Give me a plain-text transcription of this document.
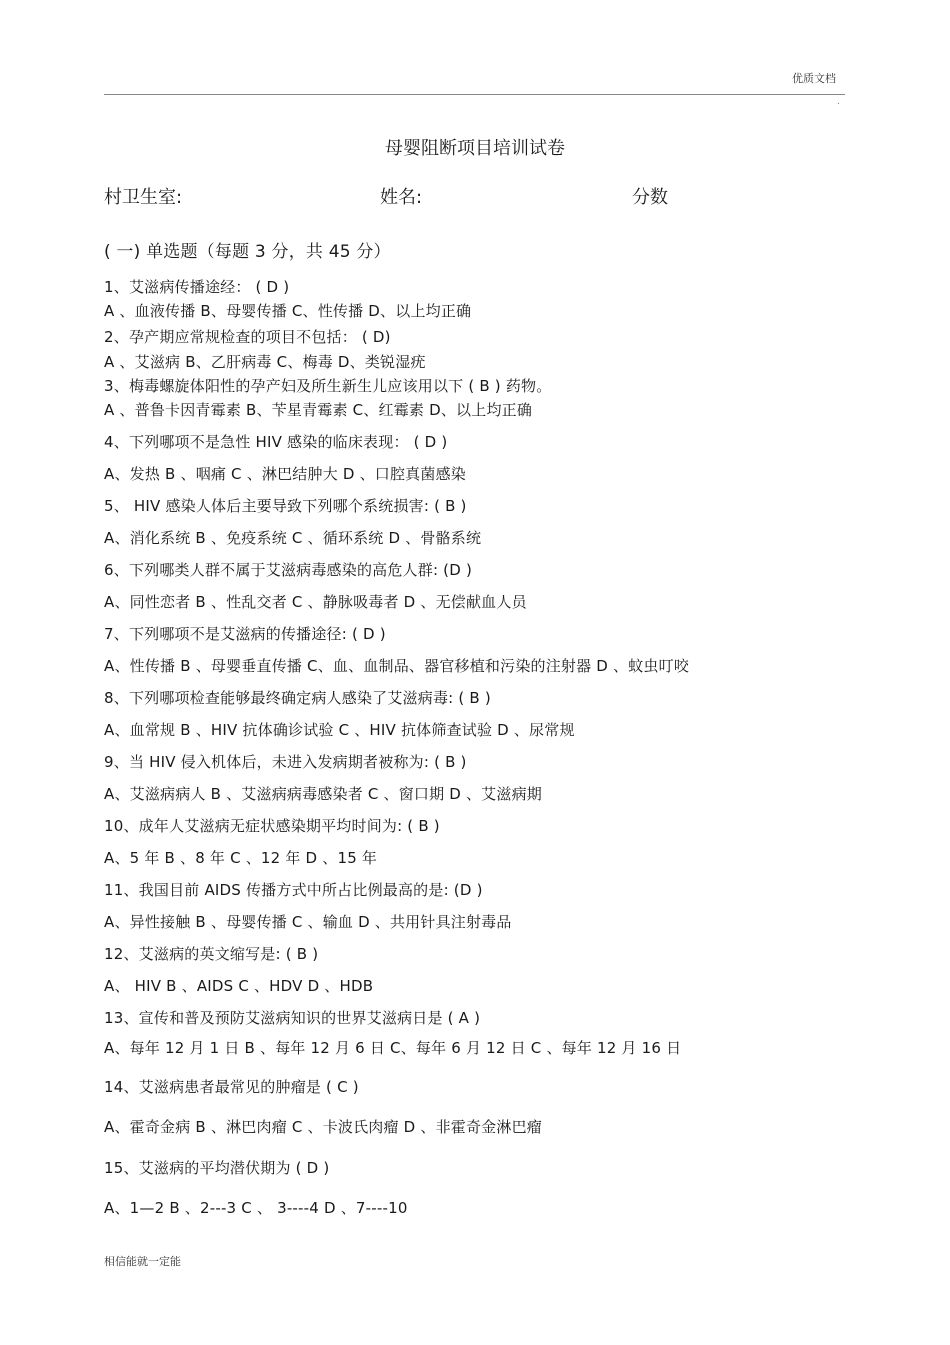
优质文档
.
母婴阻断项目培训试卷
村卫生室:	姓名:	分数
( 一) 单选题（每题 3 分，共 45 分）
1、艾滋病传播途经： ( D )
A 、血液传播 B、母婴传播 C、性传播 D、以上均正确
2、孕产期应常规检查的项目不包括： ( D)
A 、艾滋病 B、乙肝病毒 C、梅毒 D、类锐湿疣
3、梅毒螺旋体阳性的孕产妇及所生新生儿应该用以下 ( B ) 药物。
A 、普鲁卡因青霉素 B、苄星青霉素 C、红霉素 D、以上均正确
4、下列哪项不是急性 HIV 感染的临床表现： ( D )
A、发热 B 、咽痛 C 、淋巴结肿大 D 、口腔真菌感染
5、 HIV 感染人体后主要导致下列哪个系统损害: ( B )
A、消化系统 B 、免疫系统 C 、循环系统 D 、骨骼系统
6、下列哪类人群不属于艾滋病毒感染的高危人群: (D )
A、同性恋者 B 、性乱交者 C 、静脉吸毒者 D 、无偿献血人员
7、下列哪项不是艾滋病的传播途径: ( D )
A、性传播 B 、母婴垂直传播 C、血、血制品、器官移植和污染的注射器 D 、蚊虫叮咬
8、下列哪项检查能够最终确定病人感染了艾滋病毒: ( B )
A、血常规 B 、HIV 抗体确诊试验 C 、HIV 抗体筛查试验 D 、尿常规
9、当 HIV 侵入机体后，未进入发病期者被称为: ( B )
A、艾滋病病人 B 、艾滋病病毒感染者 C 、窗口期 D 、艾滋病期
10、成年人艾滋病无症状感染期平均时间为: ( B )
A、5 年 B 、8 年 C 、12 年 D 、15 年
11、我国目前 AIDS 传播方式中所占比例最高的是: (D )
A、异性接触 B 、母婴传播 C 、输血 D 、共用针具注射毒品
12、艾滋病的英文缩写是: ( B )
A、 HIV B 、AIDS C 、HDV D 、HDB
13、宣传和普及预防艾滋病知识的世界艾滋病日是 ( A )
A、每年 12 月 1 日 B 、每年 12 月 6 日 C、每年 6 月 12 日 C 、每年 12 月 16 日
14、艾滋病患者最常见的肿瘤是 ( C )
A、霍奇金病 B 、淋巴肉瘤 C 、卡波氏肉瘤 D 、非霍奇金淋巴瘤
15、艾滋病的平均潜伏期为 ( D )
A、1—2 B 、2---3 C 、 3----4 D 、7----10
相信能就一定能
